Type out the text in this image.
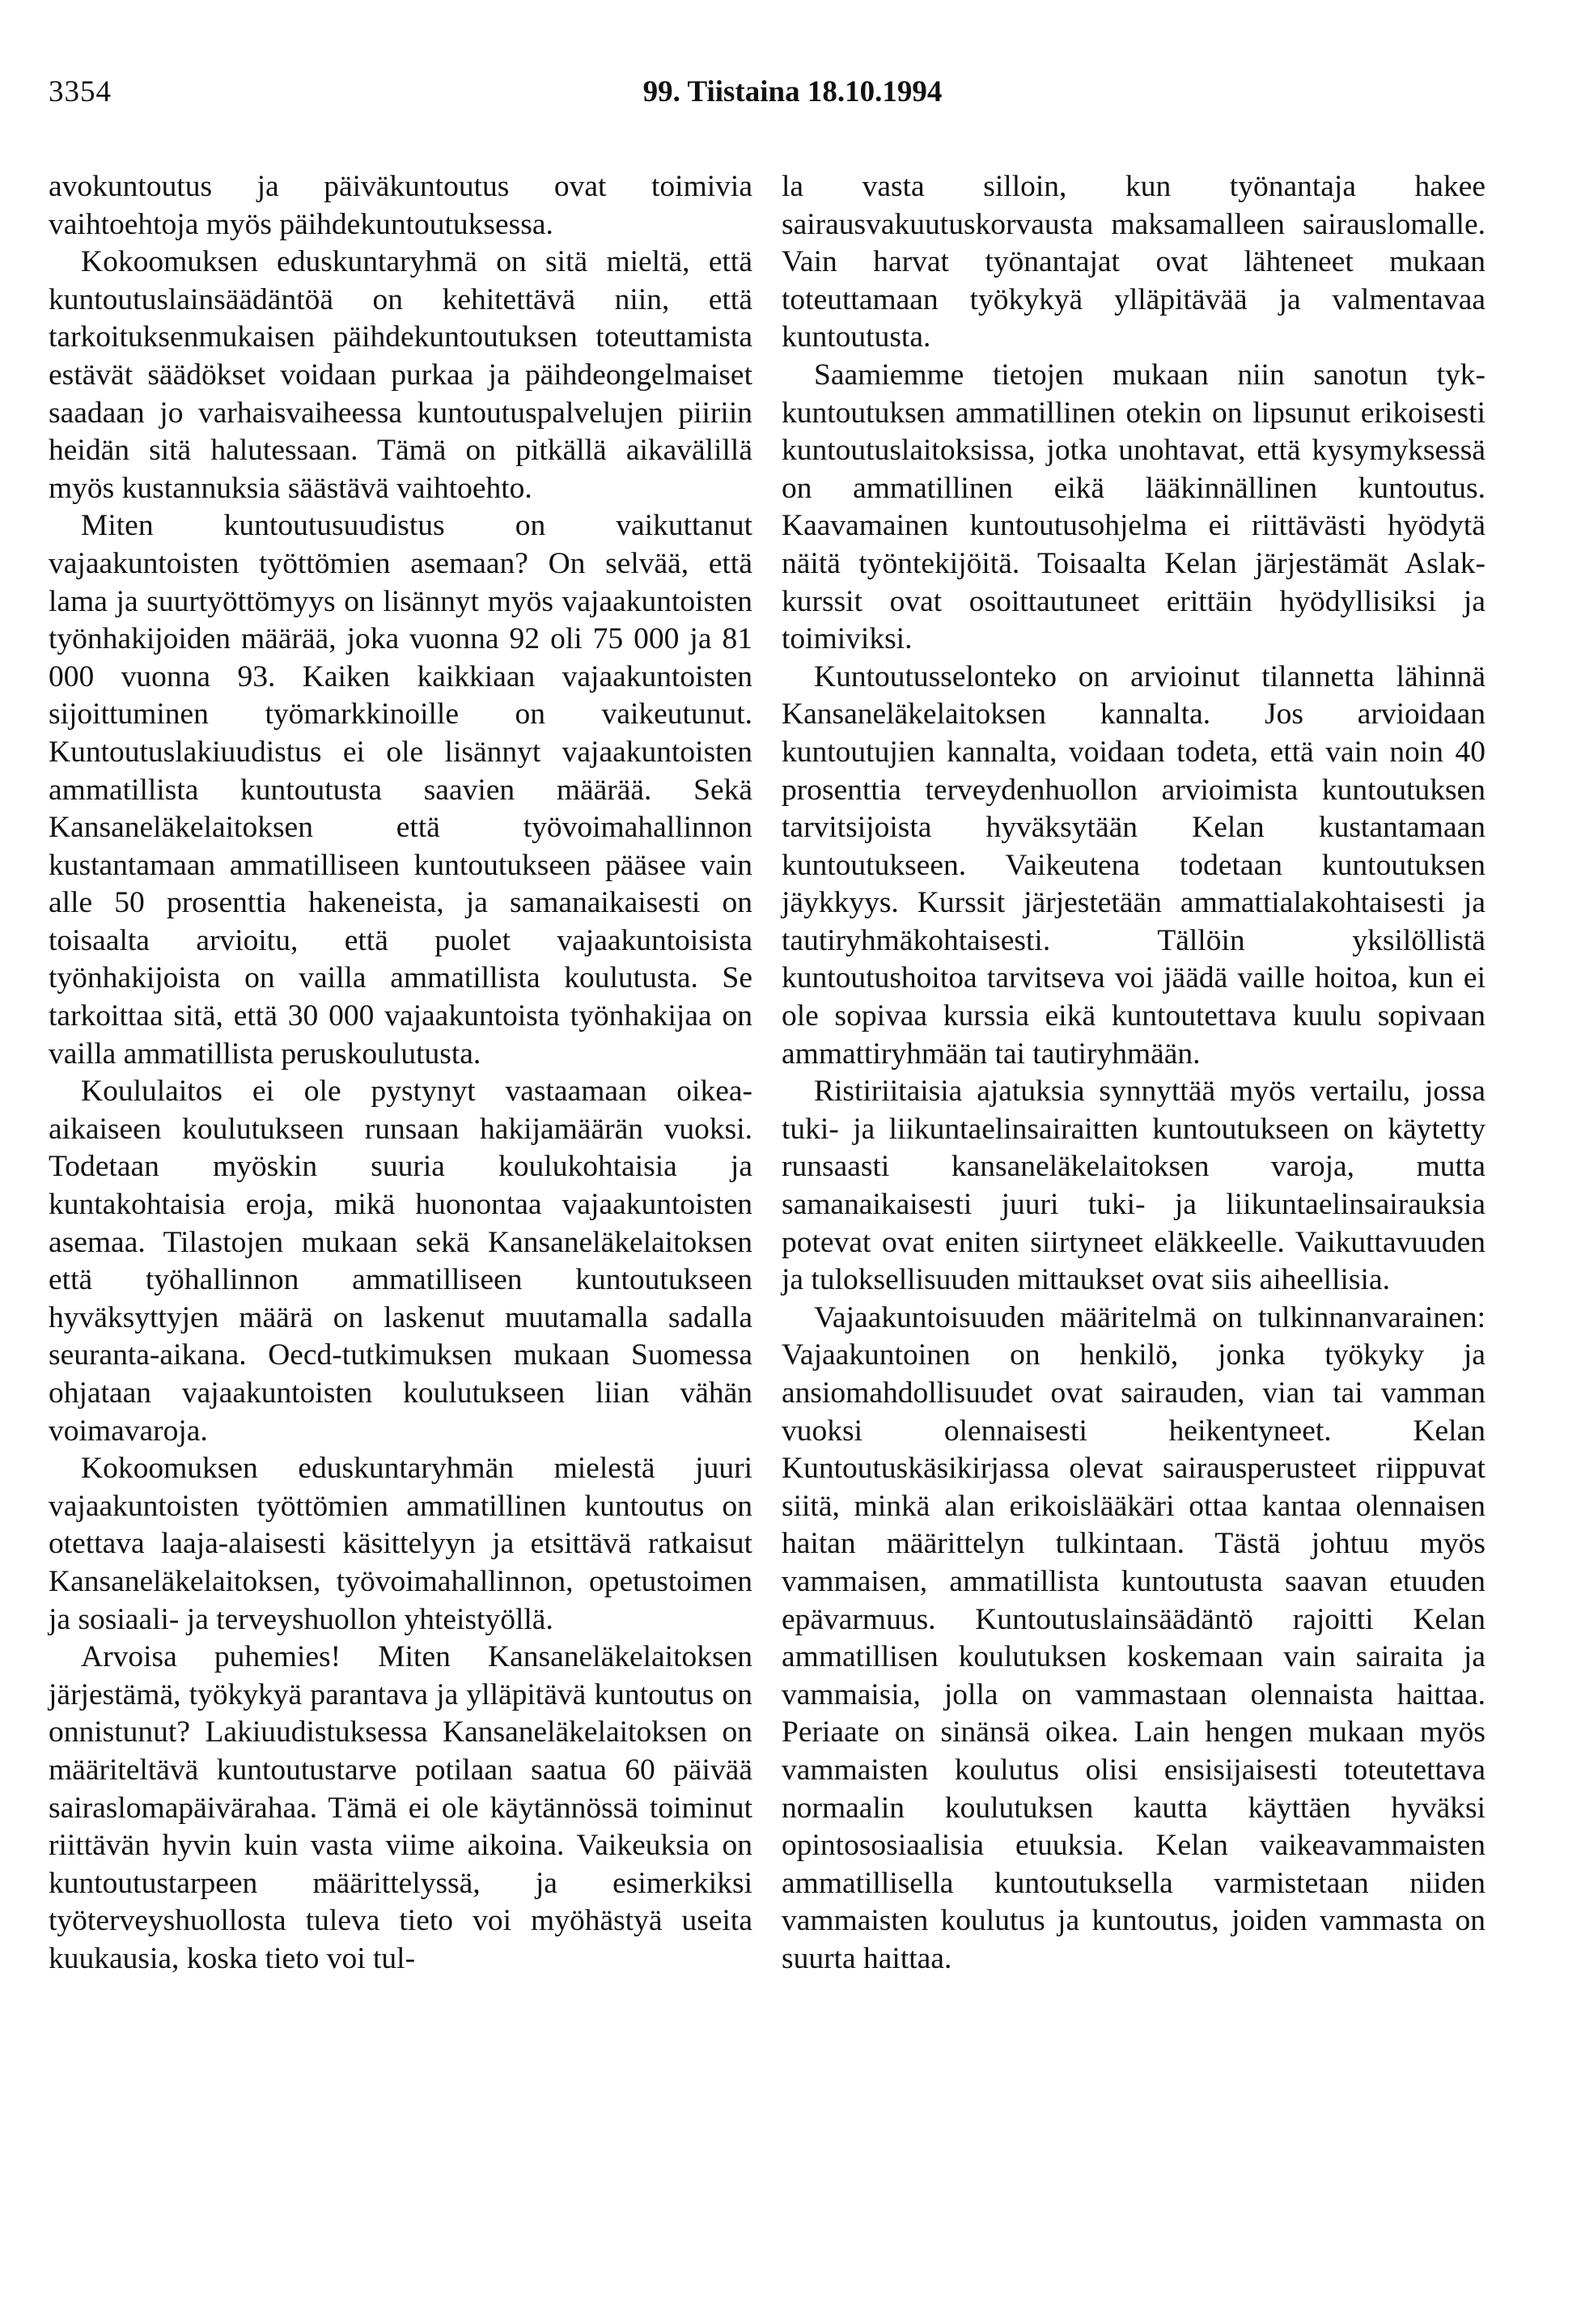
3354	99. Tiistaina 18.10.1994

avokuntoutus ja päiväkuntoutus ovat toimivia vaihtoehtoja myös päihdekuntoutuksessa.

Kokoomuksen eduskuntaryhmä on sitä mieltä, että kuntoutuslainsäädäntöä on kehitettävä niin, että tarkoituksenmukaisen päihdekuntoutuksen toteuttamista estävät säädökset voidaan purkaa ja päihdeongelmaiset saadaan jo varhaisvaiheessa kuntoutuspalvelujen piiriin heidän sitä halutessaan. Tämä on pitkällä aikavälillä myös kustannuksia säästävä vaihtoehto.

Miten kuntoutusuudistus on vaikuttanut vajaakuntoisten työttömien asemaan? On selvää, että lama ja suurtyöttömyys on lisännyt myös vajaakuntoisten työnhakijoiden määrää, joka vuonna 92 oli 75 000 ja 81 000 vuonna 93. Kaiken kaikkiaan vajaakuntoisten sijoittuminen työmarkkinoille on vaikeutunut. Kuntoutuslakiuudistus ei ole lisännyt vajaakuntoisten ammatillista kuntoutusta saavien määrää. Sekä Kansaneläkelaitoksen että työvoimahallinnon kustantamaan ammatilliseen kuntoutukseen pääsee vain alle 50 prosenttia hakeneista, ja samanaikaisesti on toisaalta arvioitu, että puolet vajaakuntoisista työnhakijoista on vailla ammatillista koulutusta. Se tarkoittaa sitä, että 30 000 vajaakuntoista työnhakijaa on vailla ammatillista peruskoulutusta.

Koululaitos ei ole pystynyt vastaamaan oikea-aikaiseen koulutukseen runsaan hakijamäärän vuoksi. Todetaan myöskin suuria koulukohtaisia ja kuntakohtaisia eroja, mikä huonontaa vajaakuntoisten asemaa. Tilastojen mukaan sekä Kansaneläkelaitoksen että työhallinnon ammatilliseen kuntoutukseen hyväksyttyjen määrä on laskenut muutamalla sadalla seuranta-aikana. Oecd-tutkimuksen mukaan Suomessa ohjataan vajaakuntoisten koulutukseen liian vähän voimavaroja.

Kokoomuksen eduskuntaryhmän mielestä juuri vajaakuntoisten työttömien ammatillinen kuntoutus on otettava laaja-alaisesti käsittelyyn ja etsittävä ratkaisut Kansaneläkelaitoksen, työvoimahallinnon, opetustoimen ja sosiaali- ja terveyshuollon yhteistyöllä.

Arvoisa puhemies! Miten Kansaneläkelaitoksen järjestämä, työkykyä parantava ja ylläpitävä kuntoutus on onnistunut? Lakiuudistuksessa Kansaneläkelaitoksen on määriteltävä kuntoutustarve potilaan saatua 60 päivää sairaslomapäivärahaa. Tämä ei ole käytännössä toiminut riittävän hyvin kuin vasta viime aikoina. Vaikeuksia on kuntoutustarpeen määrittelyssä, ja esimerkiksi työterveyshuollosta tuleva tieto voi myöhästyä useita kuukausia, koska tieto voi tul-

la vasta silloin, kun työnantaja hakee sairausvakuutuskorvausta maksamalleen sairauslomalle. Vain harvat työnantajat ovat lähteneet mukaan toteuttamaan työkykyä ylläpitävää ja valmentavaa kuntoutusta.

Saamiemme tietojen mukaan niin sanotun tyk-kuntoutuksen ammatillinen otekin on lipsunut erikoisesti kuntoutuslaitoksissa, jotka unohtavat, että kysymyksessä on ammatillinen eikä lääkinnällinen kuntoutus. Kaavamainen kuntoutusohjelma ei riittävästi hyödytä näitä työntekijöitä. Toisaalta Kelan järjestämät Aslak-kurssit ovat osoittautuneet erittäin hyödyllisiksi ja toimiviksi.

Kuntoutusselonteko on arvioinut tilannetta lähinnä Kansaneläkelaitoksen kannalta. Jos arvioidaan kuntoutujien kannalta, voidaan todeta, että vain noin 40 prosenttia terveydenhuollon arvioimista kuntoutuksen tarvitsijoista hyväksytään Kelan kustantamaan kuntoutukseen. Vaikeutena todetaan kuntoutuksen jäykkyys. Kurssit järjestetään ammattialakohtaisesti ja tautiryhmäkohtaisesti. Tällöin yksilöllistä kuntoutushoitoa tarvitseva voi jäädä vaille hoitoa, kun ei ole sopivaa kurssia eikä kuntoutettava kuulu sopivaan ammattiryhmään tai tautiryhmään.

Ristiriitaisia ajatuksia synnyttää myös vertailu, jossa tuki- ja liikuntaelinsairaitten kuntoutukseen on käytetty runsaasti kansaneläkelaitoksen varoja, mutta samanaikaisesti juuri tuki- ja liikuntaelinsairauksia potevat ovat eniten siirtyneet eläkkeelle. Vaikuttavuuden ja tuloksellisuuden mittaukset ovat siis aiheellisia.

Vajaakuntoisuuden määritelmä on tulkinnanvarainen: Vajaakuntoinen on henkilö, jonka työkyky ja ansiomahdollisuudet ovat sairauden, vian tai vamman vuoksi olennaisesti heikentyneet. Kelan Kuntoutuskäsikirjassa olevat sairausperusteet riippuvat siitä, minkä alan erikoislääkäri ottaa kantaa olennaisen haitan määrittelyn tulkintaan. Tästä johtuu myös vammaisen, ammatillista kuntoutusta saavan etuuden epävarmuus. Kuntoutuslainsäädäntö rajoitti Kelan ammatillisen koulutuksen koskemaan vain sairaita ja vammaisia, jolla on vammastaan olennaista haittaa. Periaate on sinänsä oikea. Lain hengen mukaan myös vammaisten koulutus olisi ensisijaisesti toteutettava normaalin koulutuksen kautta käyttäen hyväksi opintososiaalisia etuuksia. Kelan vaikeavammaisten ammatillisella kuntoutuksella varmistetaan niiden vammaisten koulutus ja kuntoutus, joiden vammasta on suurta haittaa.
